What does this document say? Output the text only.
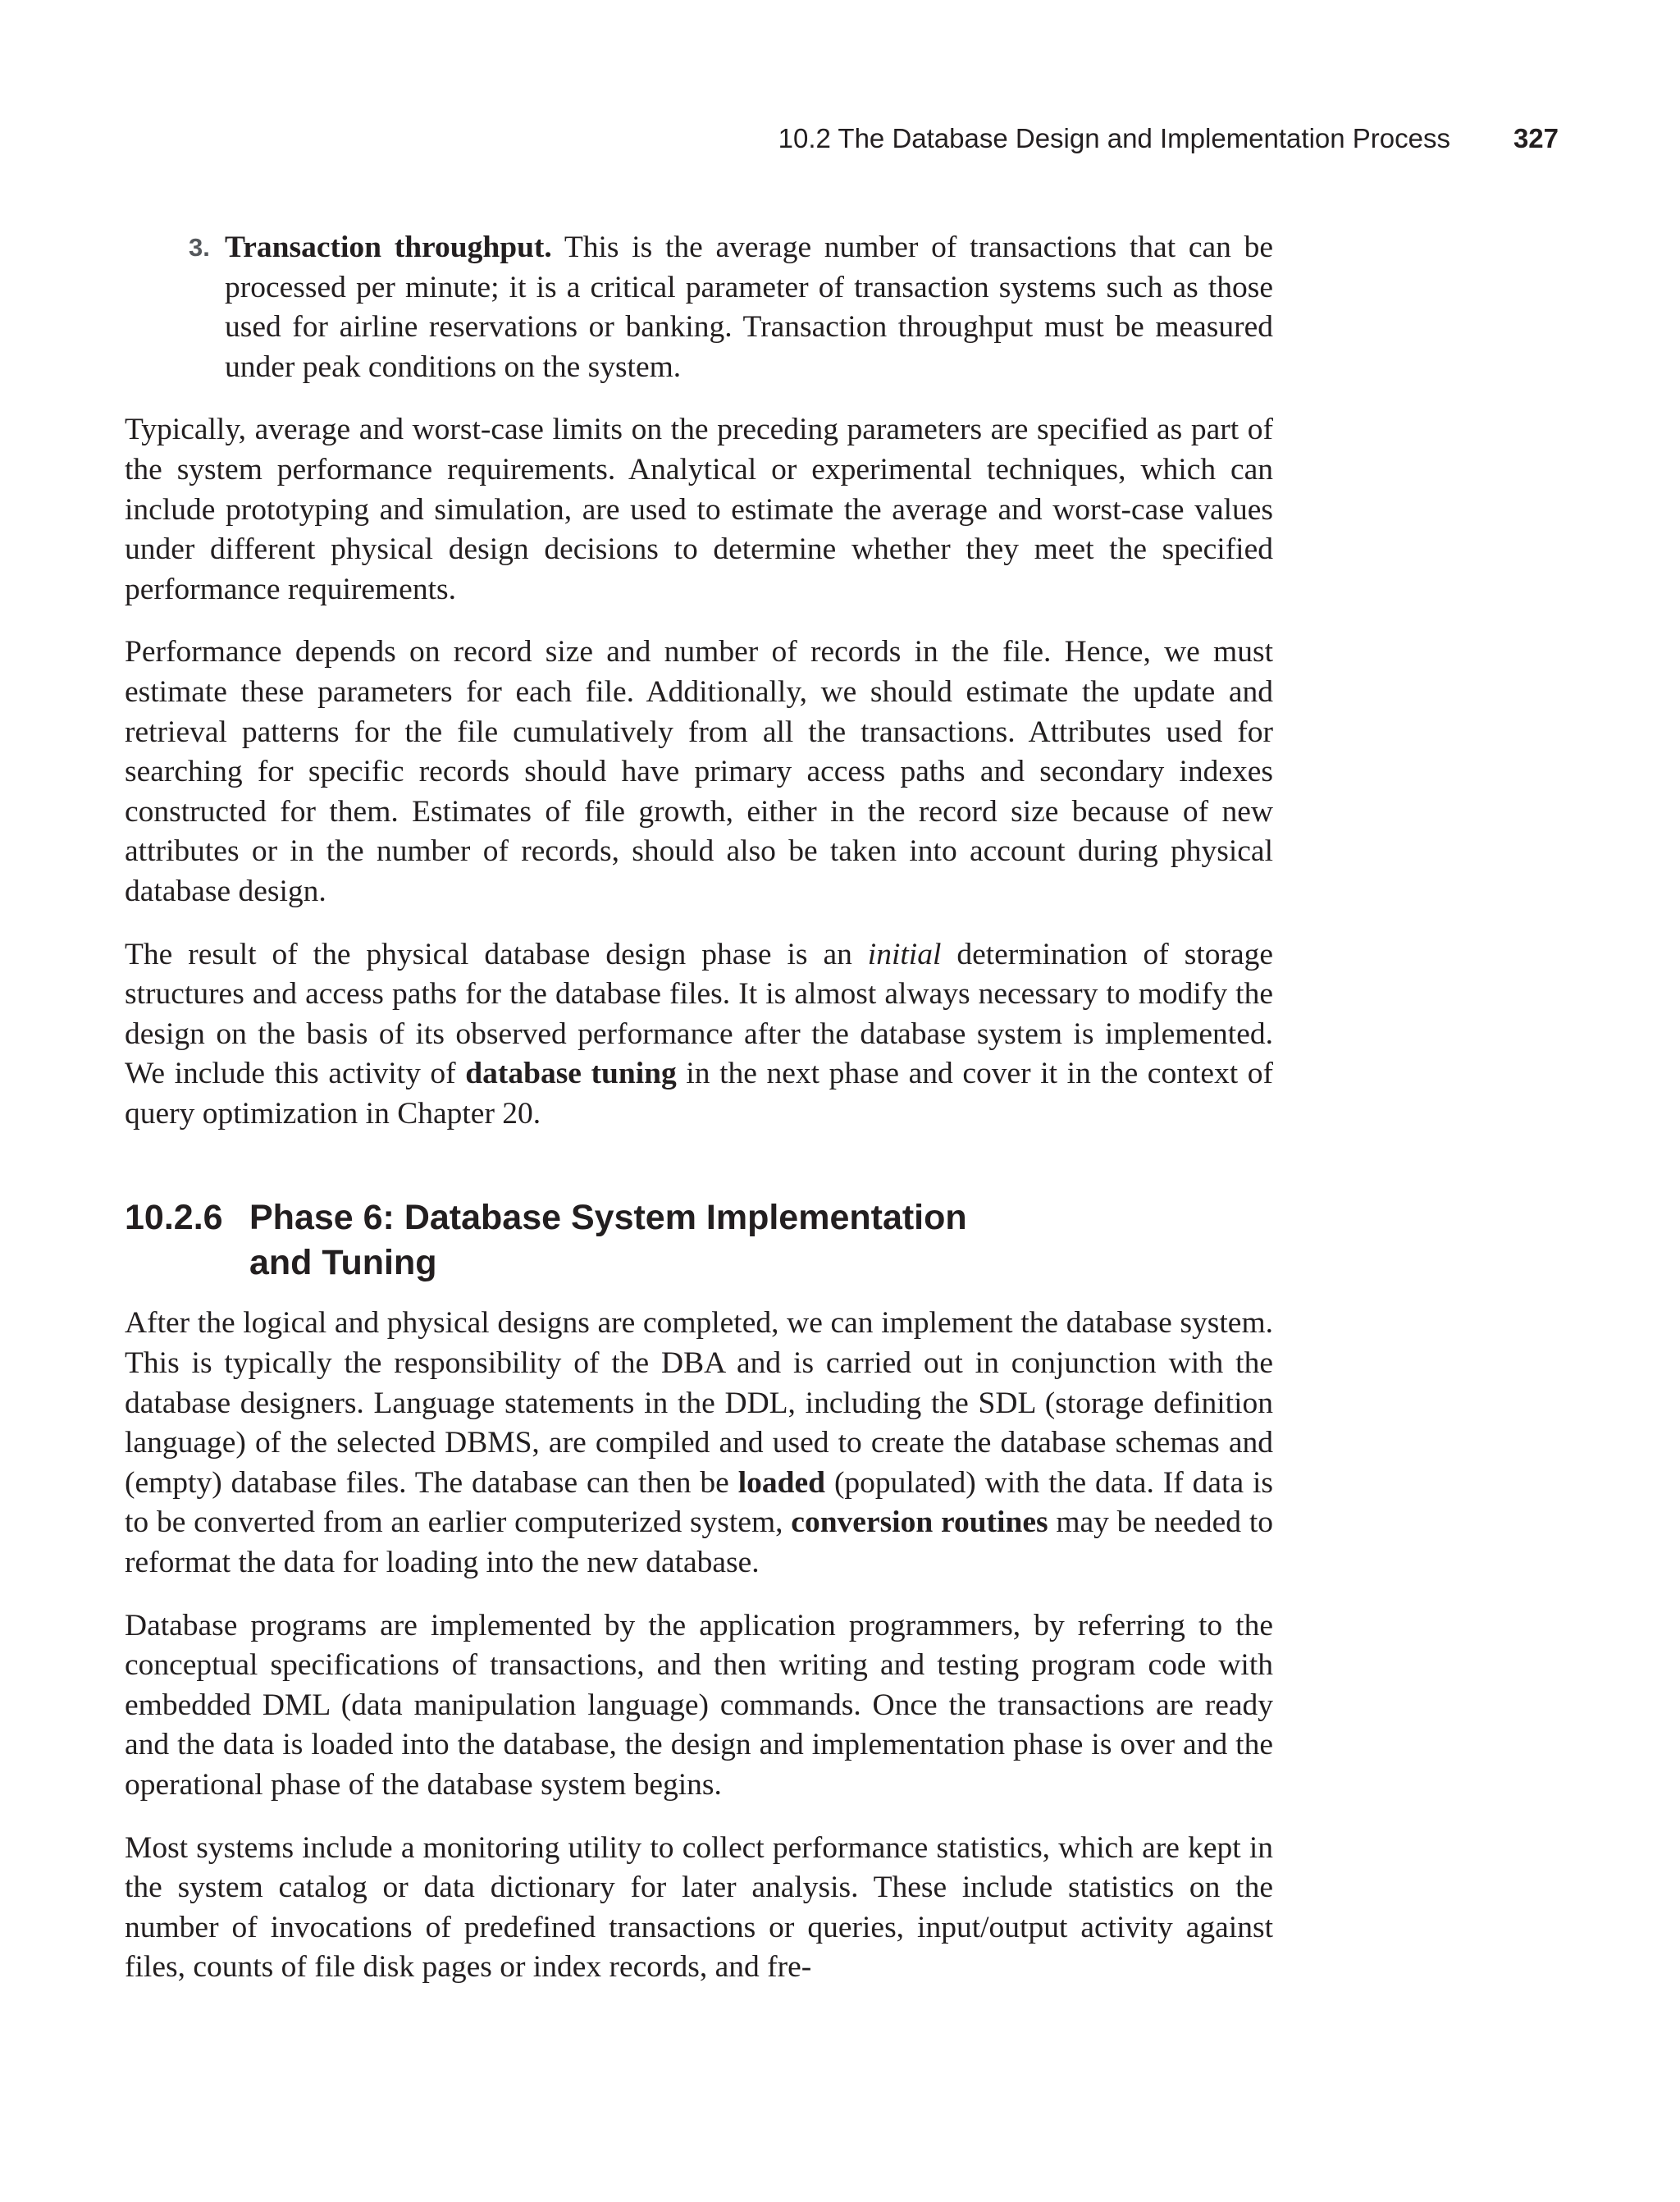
10.2 The Database Design and Implementation Process 327
3. Transaction throughput. This is the average number of transactions that can be processed per minute; it is a critical parameter of transaction systems such as those used for airline reservations or banking. Transaction throughput must be measured under peak conditions on the system.

Typically, average and worst-case limits on the preceding parameters are specified as part of the system performance requirements. Analytical or experimental techniques, which can include prototyping and simulation, are used to estimate the average and worst-case values under different physical design decisions to determine whether they meet the specified performance requirements.

Performance depends on record size and number of records in the file. Hence, we must estimate these parameters for each file. Additionally, we should estimate the update and retrieval patterns for the file cumulatively from all the transactions. Attributes used for searching for specific records should have primary access paths and secondary indexes constructed for them. Estimates of file growth, either in the record size because of new attributes or in the number of records, should also be taken into account during physical database design.

The result of the physical database design phase is an initial determination of storage structures and access paths for the database files. It is almost always necessary to modify the design on the basis of its observed performance after the database system is implemented. We include this activity of database tuning in the next phase and cover it in the context of query optimization in Chapter 20.

10.2.6 Phase 6: Database System Implementation
and Tuning

After the logical and physical designs are completed, we can implement the database system. This is typically the responsibility of the DBA and is carried out in conjunction with the database designers. Language statements in the DDL, including the SDL (storage definition language) of the selected DBMS, are compiled and used to create the database schemas and (empty) database files. The database can then be loaded (populated) with the data. If data is to be converted from an earlier computerized system, conversion routines may be needed to reformat the data for loading into the new database.

Database programs are implemented by the application programmers, by referring to the conceptual specifications of transactions, and then writing and testing program code with embedded DML (data manipulation language) commands. Once the transactions are ready and the data is loaded into the database, the design and implementation phase is over and the operational phase of the database system begins.

Most systems include a monitoring utility to collect performance statistics, which are kept in the system catalog or data dictionary for later analysis. These include statistics on the number of invocations of predefined transactions or queries, input/output activity against files, counts of file disk pages or index records, and fre-
